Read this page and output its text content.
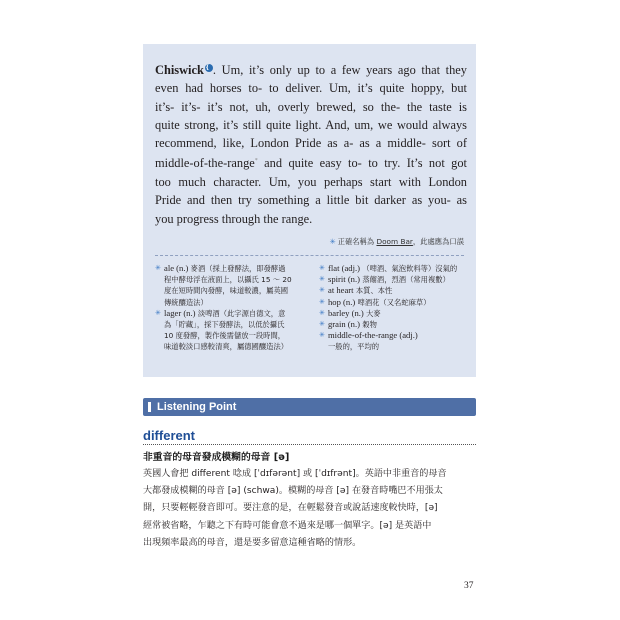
Chiswick❴ . Um, it’s only up to a few years ago that they
even had horses to- to deliver. Um, it’s quite hoppy, but
it’s- it’s- it’s not, uh, overly brewed, so the- the taste is
quite strong, it’s still quite light. And, um, we would always
recommend, like, London Pride as a- as a middle- sort of
middle-of-the-range* and quite easy to- to try. It’s not got
too much character. Um, you perhaps start with London
Pride and then try something a little bit darker as you- as
you progress through the range.
✳ 正確名稱為 Doom Bar，此處應為口誤
✳ ale (n.) 麥酒（採上發酵法，即發酵過
程中酵母浮在液面上，以攝氏 15 ～ 20
度在短時間內發酵，味道較濃，屬英國
傳統釀造法）
✳ lager (n.) 淡啤酒（此字源自德文，意
為「貯藏」，採下發酵法，以低於攝氏
10 度發酵，製作後需儲放一段時間，
味道較淡口感較清爽，屬德國釀造法）
✳ flat (adj.) （啤酒、氣泡飲料等）沒氣的
✳ spirit (n.) 蒸餾酒，烈酒（常用複數）
✳ at heart 本質、本性
✳ hop (n.) 啤酒花（又名蛇麻草）
✳ barley (n.) 大麥
✳ grain (n.) 穀物
✳ middle-of-the-range (adj.)
一般的，平均的
Listening Point
different
非重音的母音發成模糊的母音 [ə]
英國人會把 different 唸成 [ˈdɪfərənt] 或 [ˈdɪfrənt]。英語中非重音的母音
大都發成模糊的母音 [ə] (schwa)。模糊的母音 [ə] 在發音時嘴巴不用張太
開，只要輕輕發音即可。要注意的是，在輕鬆發音或說話速度較快時，[ə]
經常被省略，乍聽之下有時可能會意不過來是哪一個單字。[ə] 是英語中
出現頻率最高的母音，還是要多留意這種省略的情形。
37
